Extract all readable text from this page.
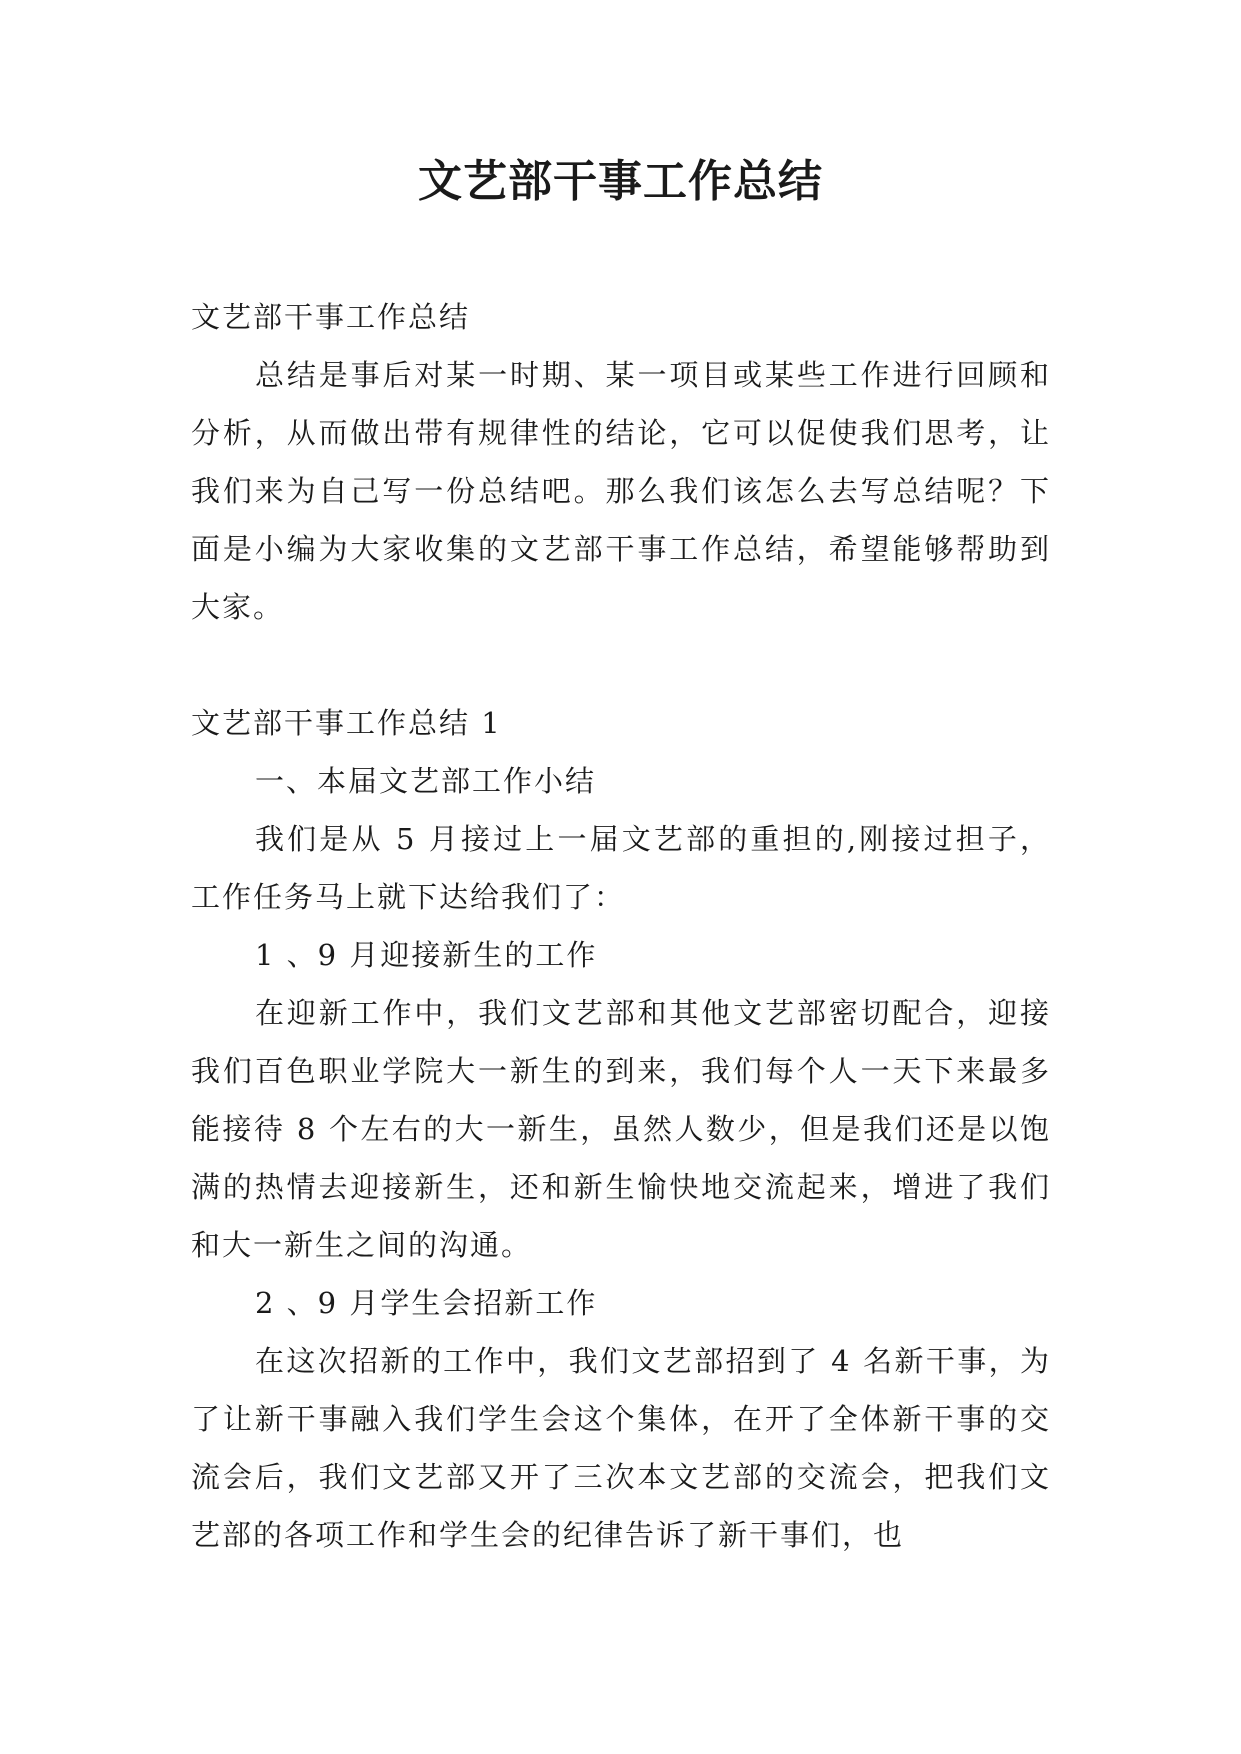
文艺部干事工作总结

文艺部干事工作总结

总结是事后对某一时期、某一项目或某些工作进行回顾和分析，从而做出带有规律性的结论，它可以促使我们思考，让我们来为自己写一份总结吧。那么我们该怎么去写总结呢？下面是小编为大家收集的文艺部干事工作总结，希望能够帮助到大家。

文艺部干事工作总结 1

一、本届文艺部工作小结

我们是从 5 月接过上一届文艺部的重担的,刚接过担子，工作任务马上就下达给我们了：

1 、9 月迎接新生的工作

在迎新工作中，我们文艺部和其他文艺部密切配合，迎接我们百色职业学院大一新生的到来，我们每个人一天下来最多能接待 8 个左右的大一新生，虽然人数少，但是我们还是以饱满的热情去迎接新生，还和新生愉快地交流起来，增进了我们和大一新生之间的沟通。

2 、9 月学生会招新工作

在这次招新的工作中，我们文艺部招到了 4 名新干事，为了让新干事融入我们学生会这个集体，在开了全体新干事的交流会后，我们文艺部又开了三次本文艺部的交流会，把我们文艺部的各项工作和学生会的纪律告诉了新干事们，也
